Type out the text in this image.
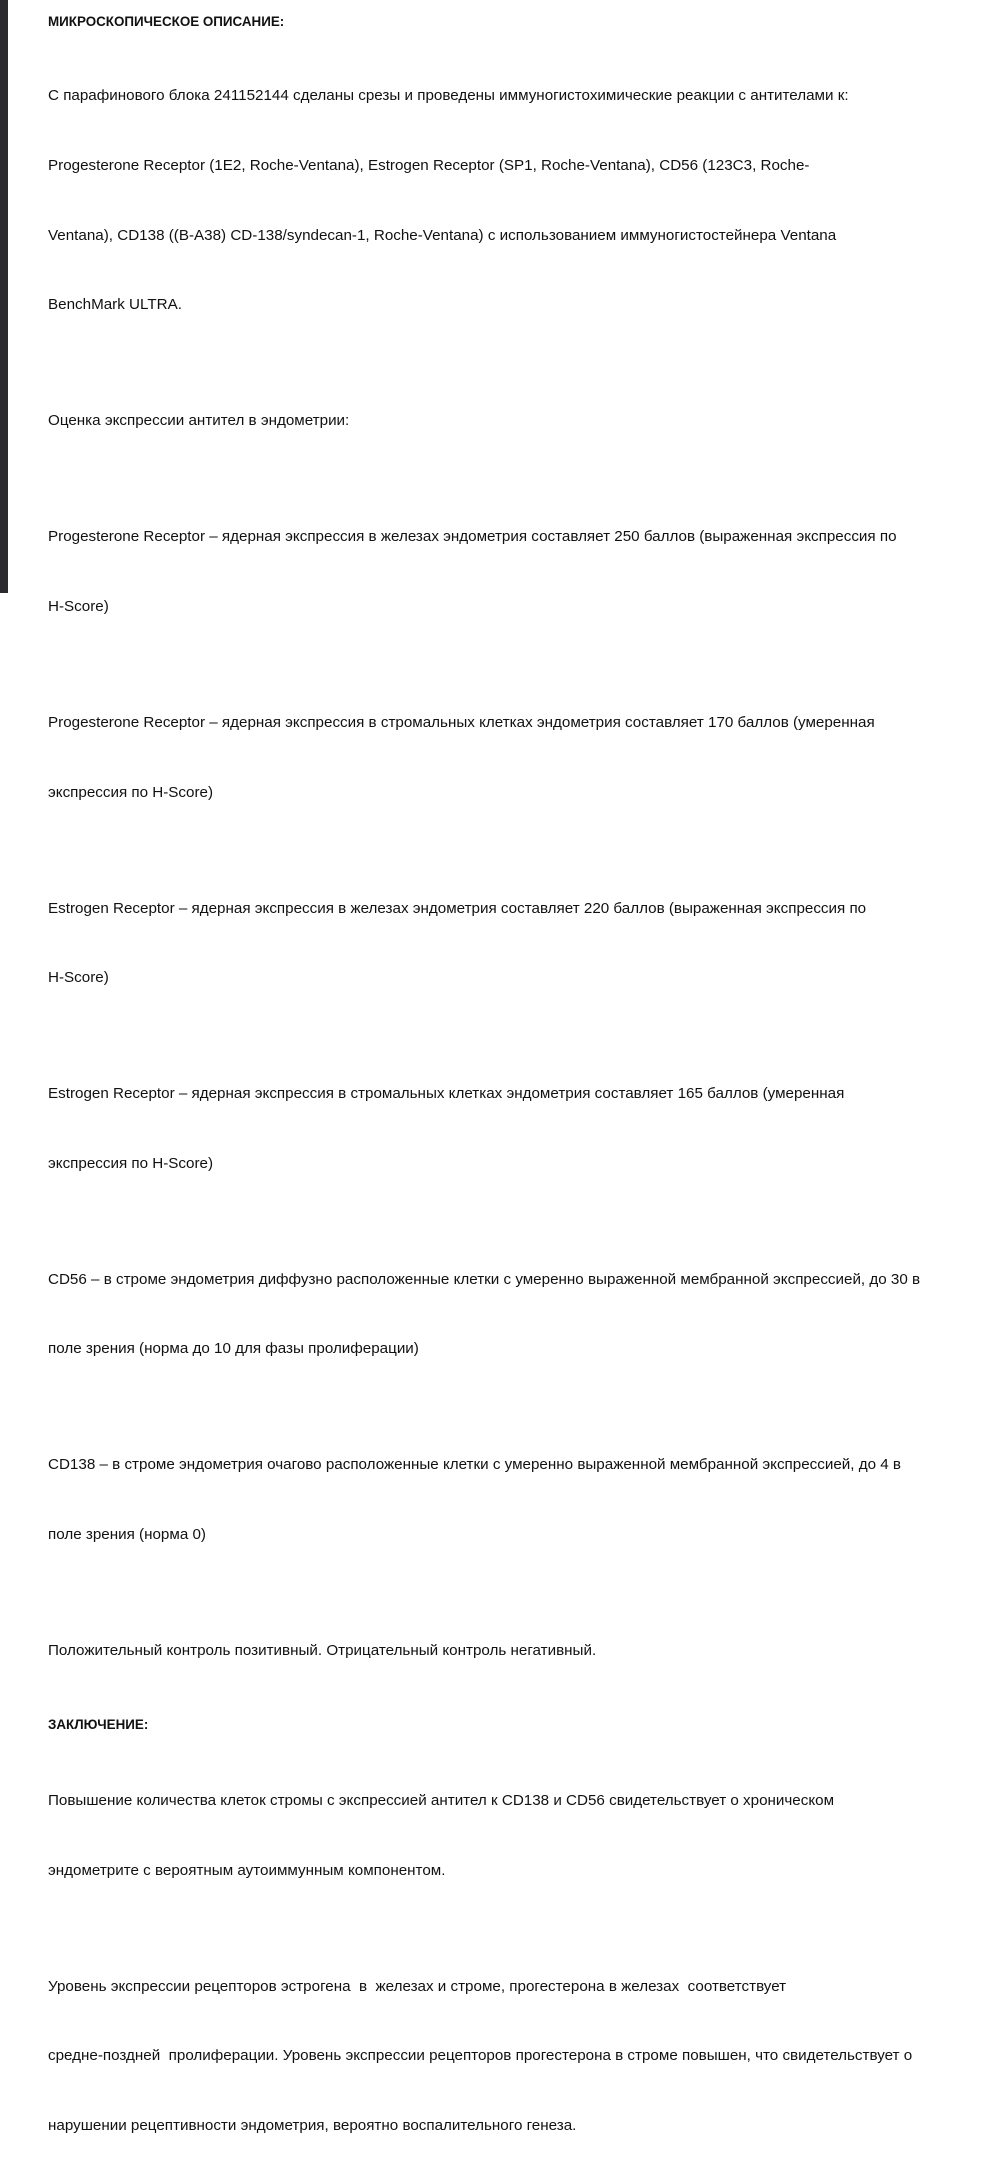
МИКРОСКОПИЧЕСКОЕ ОПИСАНИЕ:

С парафинового блока 241152144 сделаны срезы и проведены иммуногистохимические реакции с антителами к:

Progesterone Receptor (1E2, Roche-Ventana), Estrogen Receptor (SP1, Roche-Ventana), CD56 (123C3, Roche-

Ventana), CD138 ((B-A38) CD-138/syndecan-1, Roche-Ventana) с использованием иммуногистостейнера Ventana

BenchMark ULTRA.

Оценка экспрессии антител в эндометрии:

Progesterone Receptor – ядерная экспрессия в железах эндометрия составляет 250 баллов (выраженная экспрессия по

H-Score)

Progesterone Receptor – ядерная экспрессия в стромальных клетках эндометрия составляет 170 баллов (умеренная

экспрессия по H-Score)

Estrogen Receptor – ядерная экспрессия в железах эндометрия составляет 220 баллов (выраженная экспрессия по

H-Score)

Estrogen Receptor – ядерная экспрессия в стромальных клетках эндометрия составляет 165 баллов (умеренная

экспрессия по H-Score)

CD56 – в строме эндометрия диффузно расположенные клетки с умеренно выраженной мембранной экспрессией, до 30 в

поле зрения (норма до 10 для фазы пролиферации)

CD138 – в строме эндометрия очагово расположенные клетки с умеренно выраженной мембранной экспрессией, до 4 в

поле зрения (норма 0)

Положительный контроль позитивный. Отрицательный контроль негативный.

ЗАКЛЮЧЕНИЕ:

Повышение количества клеток стромы с экспрессией антител к CD138 и CD56 свидетельствует о хроническом

эндометрите с вероятным аутоиммунным компонентом.

Уровень экспрессии рецепторов эстрогена  в  железах и строме, прогестерона в железах  соответствует

средне-поздней  пролиферации. Уровень экспрессии рецепторов прогестерона в строме повышен, что свидетельствует о

нарушении рецептивности эндометрия, вероятно воспалительного генеза.
